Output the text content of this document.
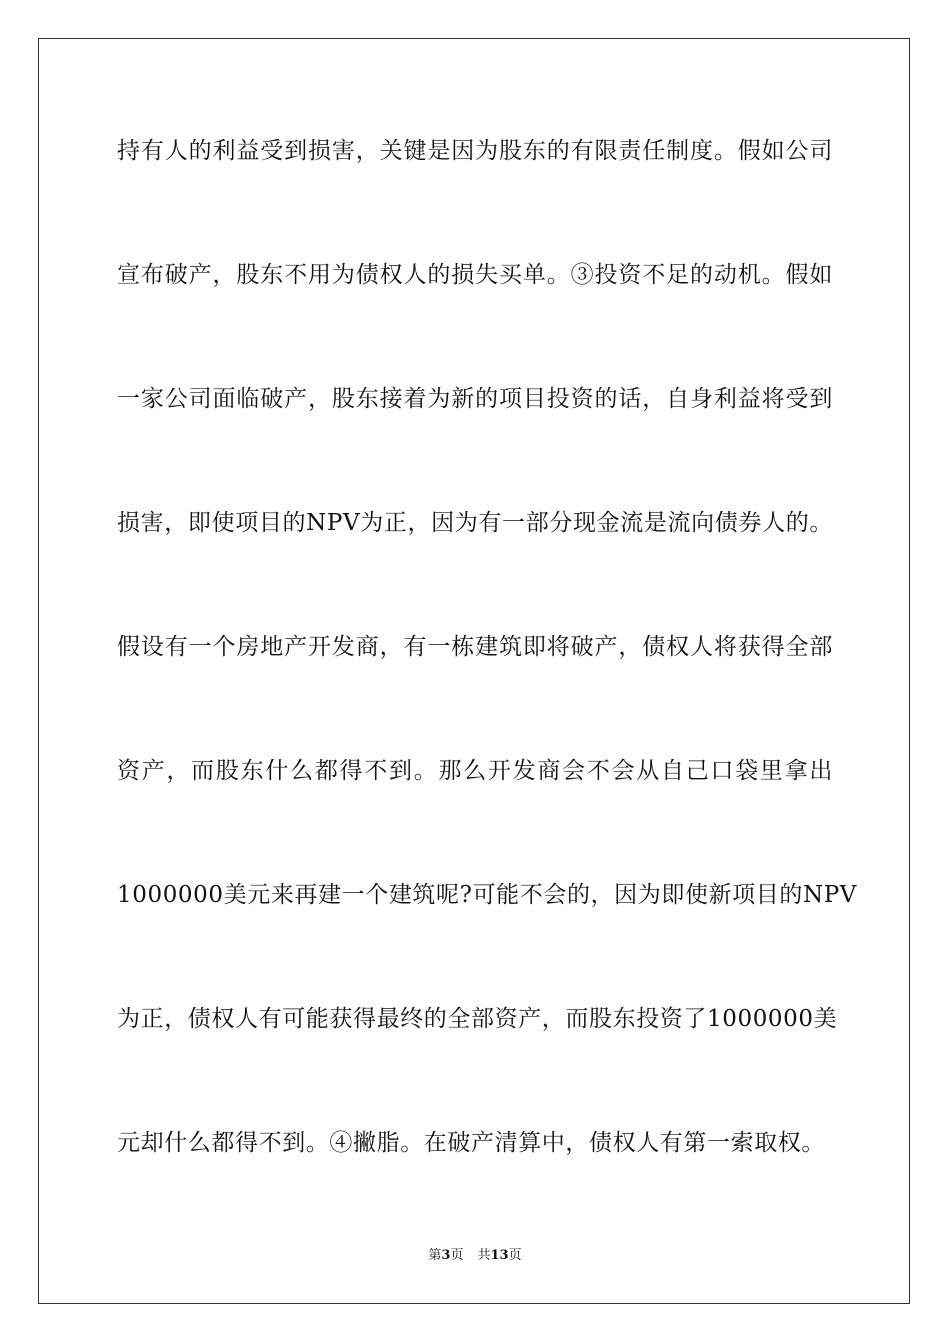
持有人的利益受到损害，关键是因为股东的有限责任制度。假如公司
宣布破产，股东不用为债权人的损失买单。③投资不足的动机。假如
一家公司面临破产，股东接着为新的项目投资的话，自身利益将受到
损害，即使项目的NPV为正，因为有一部分现金流是流向债券人的。
假设有一个房地产开发商，有一栋建筑即将破产，债权人将获得全部
资产，而股东什么都得不到。那么开发商会不会从自己口袋里拿出
1000000美元来再建一个建筑呢?可能不会的，因为即使新项目的NPV
为正，债权人有可能获得最终的全部资产，而股东投资了1000000美
元却什么都得不到。④撇脂。在破产清算中，债权人有第一索取权。
第3页 共13页
